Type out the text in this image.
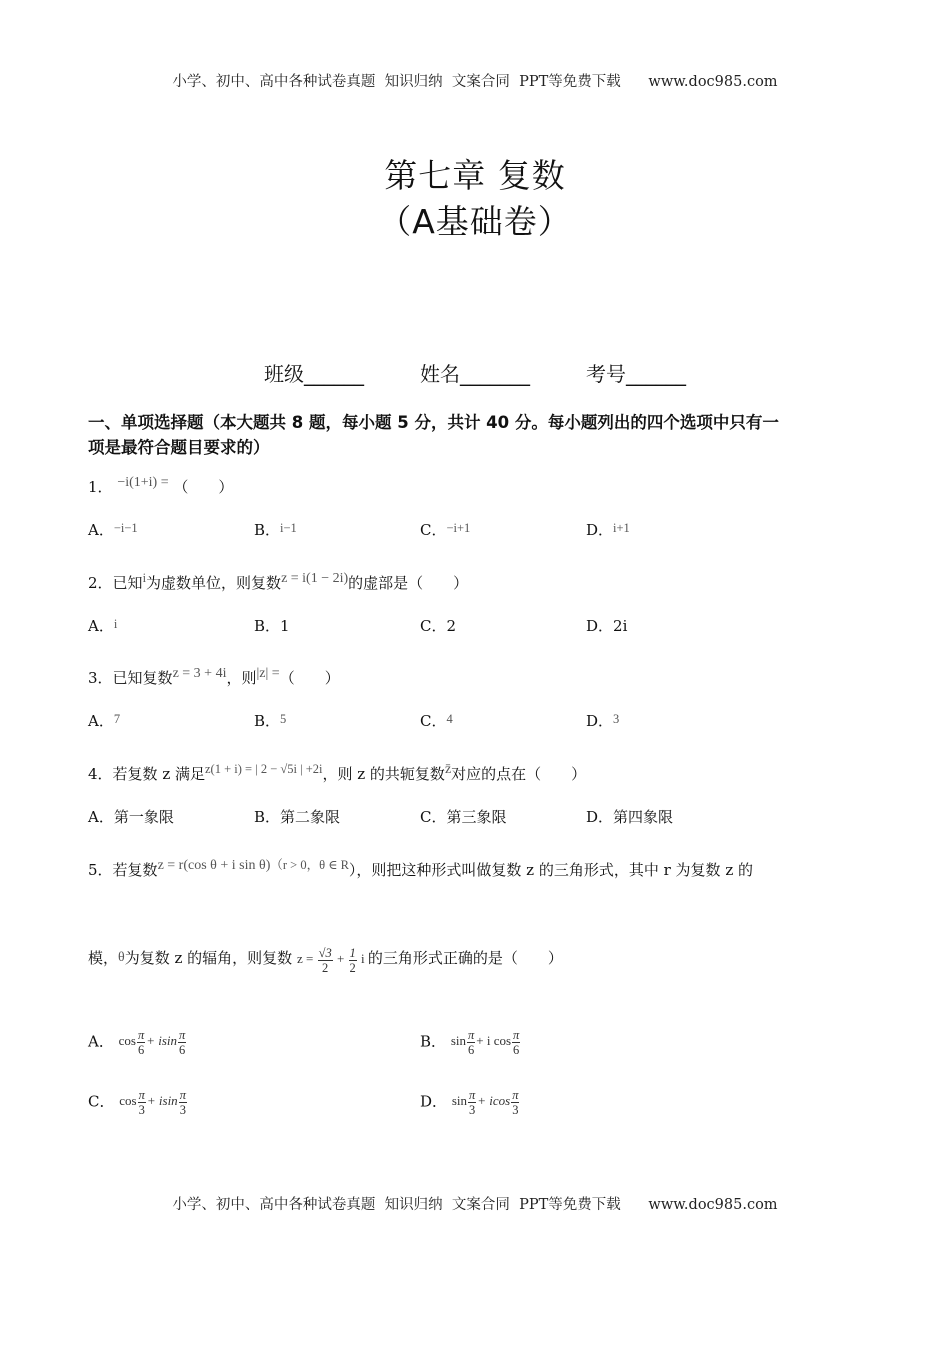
小学、初中、高中各种试卷真题  知识归纳  文案合同  PPT等免费下载      www.doc985.com
第七章 复数
（A基础卷）
班级______	姓名_______	考号______
一、单项选择题（本大题共 8 题，每小题 5 分，共计 40 分。每小题列出的四个选项中只有一
项是最符合题目要求的）
1． −i(1+i) = （　　）
A．$^{-i-1}$	B．$^{i-1}$	C．$^{-i+1}$	D．$^{i+1}$
2．已知$^i$为虚数单位，则复数z = i(1 − 2i)的虚部是（　　）
A．$^i$	B．1	C．2	D．2i
3．已知复数z = 3 + 4i，则|z| =（　　）
A．$^7$	B．$^5$	C．$^4$	D．$^3$
4．若复数 z 满足$^{z(1 + i) = | 2 - √5i | +2i}$，则 z 的共轭复数z̄对应的点在（　　）
A．第一象限	B．第二象限	C．第三象限	D．第四象限
5．若复数z = r(cos θ + i sin θ)$^{(r > 0,\theta \in R}$），则把这种形式叫做复数 z 的三角形式，其中 r 为复数 z 的
模，θ为复数 z 的辐角，则复数 $z = \frac{√3}{2} + \frac{1}{2}$ i 的三角形式正确的是（　　）
A． $\cos \frac{\pi}{6} + isin \frac{\pi}{6}$	B． $\sin \frac{\pi}{6} + i$ $\cos \frac{\pi}{6}$
C． $\cos \frac{\pi}{3} + isin \frac{\pi}{3}$	D． $\sin \frac{\pi}{3} + icos \frac{\pi}{3}$
小学、初中、高中各种试卷真题  知识归纳  文案合同  PPT等免费下载      www.doc985.com
